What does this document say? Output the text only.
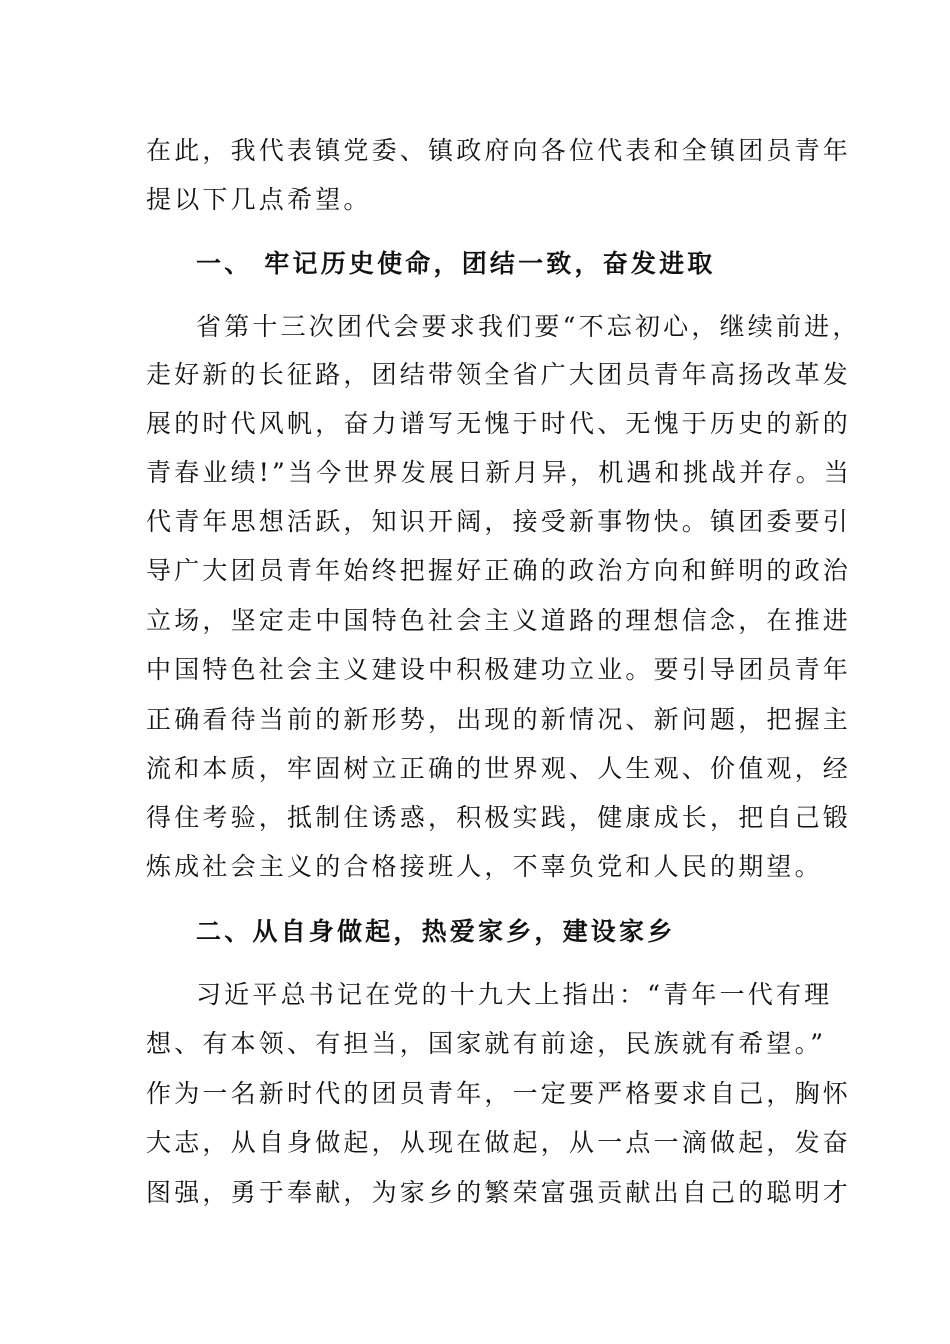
在此，我代表镇党委、镇政府向各位代表和全镇团员青年
提以下几点希望。
一、 牢记历史使命，团结一致，奋发进取
省第十三次团代会要求我们要“不忘初心，继续前进，
走好新的长征路，团结带领全省广大团员青年高扬改革发
展的时代风帆，奋力谱写无愧于时代、无愧于历史的新的
青春业绩!”当今世界发展日新月异，机遇和挑战并存。当
代青年思想活跃，知识开阔，接受新事物快。镇团委要引
导广大团员青年始终把握好正确的政治方向和鲜明的政治
立场，坚定走中国特色社会主义道路的理想信念，在推进
中国特色社会主义建设中积极建功立业。要引导团员青年
正确看待当前的新形势，出现的新情况、新问题，把握主
流和本质，牢固树立正确的世界观、人生观、价值观，经
得住考验，抵制住诱惑，积极实践，健康成长，把自己锻
炼成社会主义的合格接班人，不辜负党和人民的期望。
二、从自身做起，热爱家乡，建设家乡
习近平总书记在党的十九大上指出：“青年一代有理
想、有本领、有担当，国家就有前途，民族就有希望。”
作为一名新时代的团员青年，一定要严格要求自己，胸怀
大志，从自身做起，从现在做起，从一点一滴做起，发奋
图强，勇于奉献，为家乡的繁荣富强贡献出自己的聪明才
